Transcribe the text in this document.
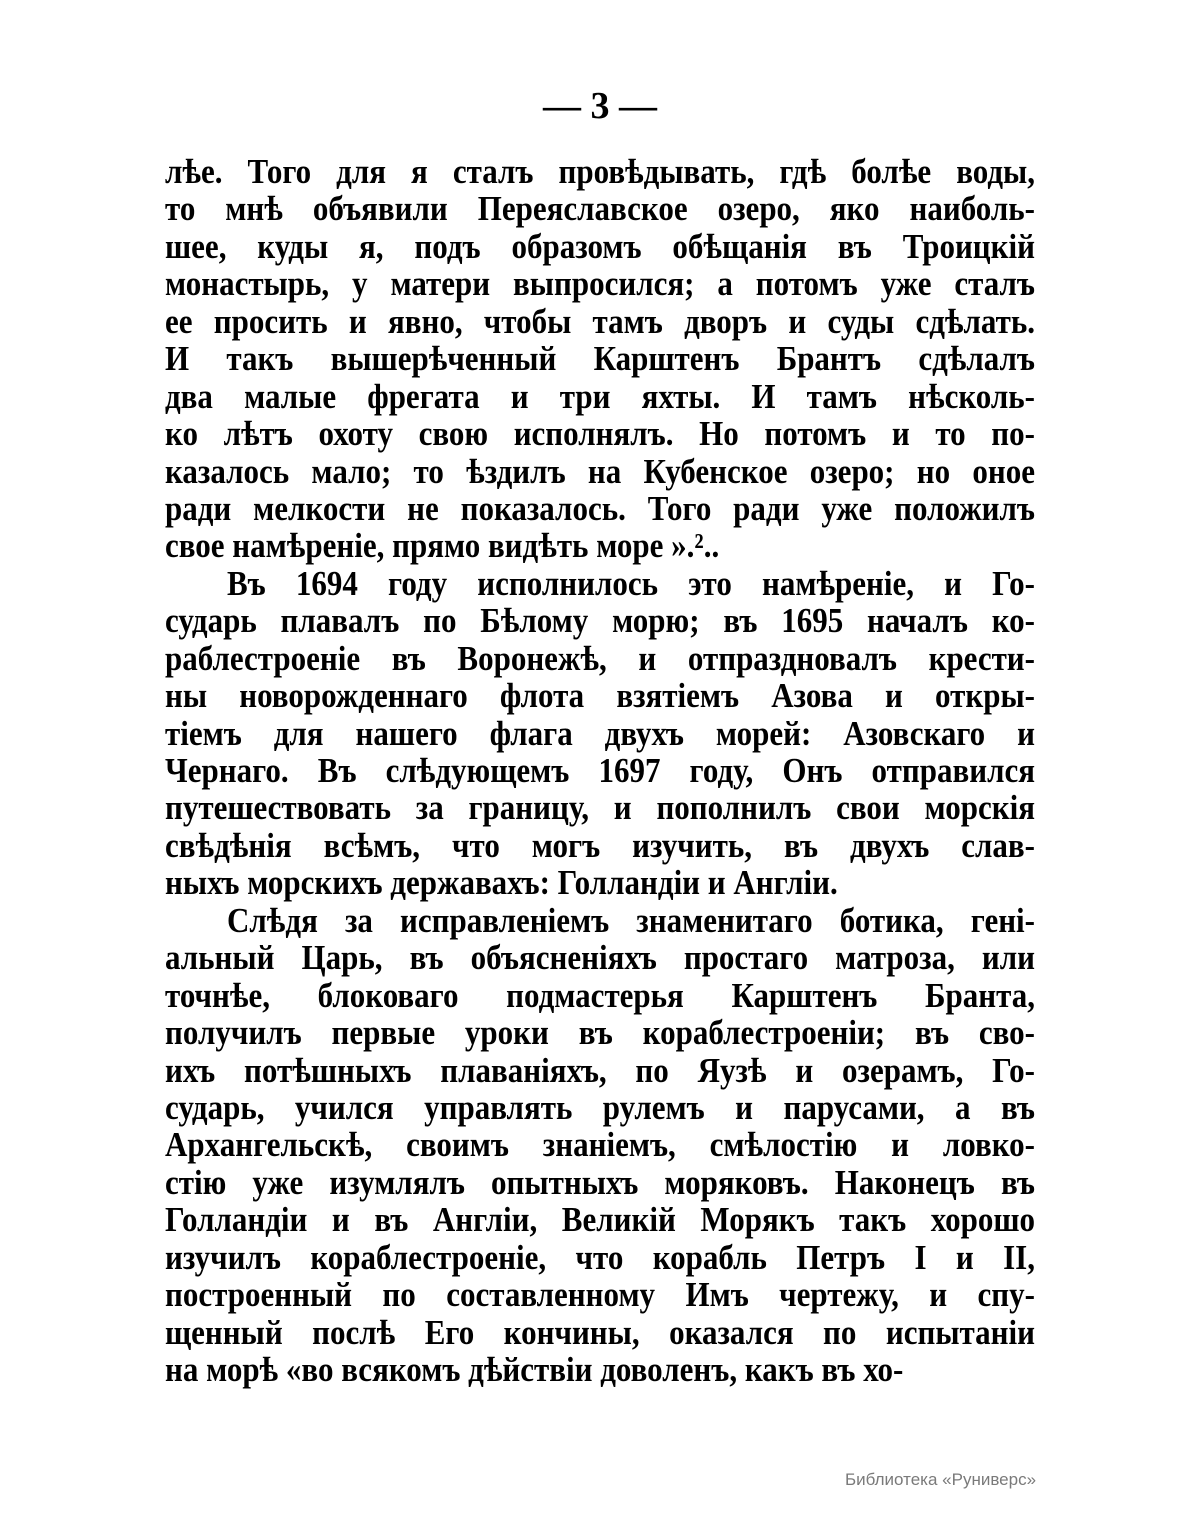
— 3 —
лѣе. Того для я сталъ провѣдывать, гдѣ болѣе воды,
то мнѣ объявили Переяславское озеро, яко наиболь-
шее, куды я, подъ образомъ обѣщанія въ Троицкій
монастырь, у матери выпросился; а потомъ уже сталъ
ее просить и явно, чтобы тамъ дворъ и суды сдѣлать.
И такъ вышерѣченный Карштенъ Брантъ сдѣлалъ
два малые фрегата и три яхты. И тамъ нѣсколь-
ко лѣтъ охоту свою исполнялъ. Но потомъ и то по-
казалось мало; то ѣздилъ на Кубенское озеро; но оное
ради мелкости не показалось. Того ради уже положилъ
свое намѣреніе, прямо видѣть море ».²..
Въ 1694 году исполнилось это намѣреніе, и Го-
сударь плавалъ по Бѣлому морю; въ 1695 началъ ко-
раблестроеніе въ Воронежѣ, и отпраздновалъ крести-
ны новорожденнаго флота взятіемъ Азова и откры-
тіемъ для нашего флага двухъ морей: Азовскаго и
Чернаго. Въ слѣдующемъ 1697 году, Онъ отправился
путешествовать за границу, и пополнилъ свои морскія
свѣдѣнія всѣмъ, что могъ изучить, въ двухъ слав-
ныхъ морскихъ державахъ: Голландіи и Англіи.
Слѣдя за исправленіемъ знаменитаго ботика, гені-
альный Царь, въ объясненіяхъ простаго матроза, или
точнѣе, блоковаго подмастерья Карштенъ Бранта,
получилъ первые уроки въ кораблестроеніи; въ сво-
ихъ потѣшныхъ плаваніяхъ, по Яузѣ и озерамъ, Го-
сударь, учился управлять рулемъ и парусами, а въ
Архангельскѣ, своимъ знаніемъ, смѣлостію и ловко-
стію уже изумлялъ опытныхъ моряковъ. Наконецъ въ
Голландіи и въ Англіи, Великій Морякъ такъ хорошо
изучилъ кораблестроеніе, что корабль Петръ I и II,
построенный по составленному Имъ чертежу, и спу-
щенный послѣ Его кончины, оказался по испытаніи
на морѣ «во всякомъ дѣйствіи доволенъ, какъ въ хо-
Библиотека «Руниверс»
